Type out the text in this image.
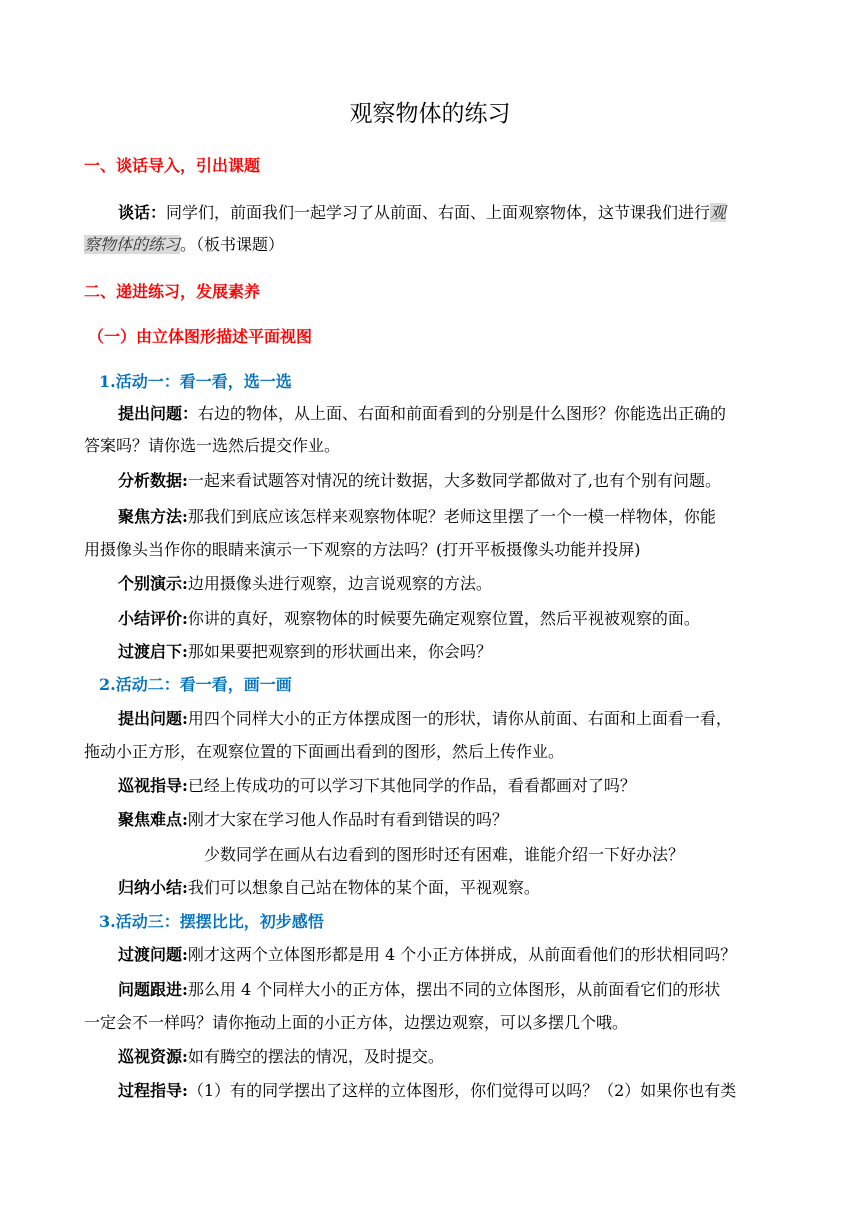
观察物体的练习
一、谈话导入，引出课题
谈话：同学们，前面我们一起学习了从前面、右面、上面观察物体，这节课我们进行观
察物体的练习。（板书课题）
二、递进练习，发展素养
（一）由立体图形描述平面视图
1.活动一：看一看，选一选
提出问题：右边的物体，从上面、右面和前面看到的分别是什么图形？你能选出正确的
答案吗？请你选一选然后提交作业。
分析数据:一起来看试题答对情况的统计数据，大多数同学都做对了,也有个别有问题。
聚焦方法:那我们到底应该怎样来观察物体呢？老师这里摆了一个一模一样物体，你能
用摄像头当作你的眼睛来演示一下观察的方法吗？(打开平板摄像头功能并投屏)
个别演示:边用摄像头进行观察，边言说观察的方法。
小结评价:你讲的真好，观察物体的时候要先确定观察位置，然后平视被观察的面。
过渡启下:那如果要把观察到的形状画出来，你会吗？
2.活动二：看一看，画一画
提出问题:用四个同样大小的正方体摆成图一的形状，请你从前面、右面和上面看一看，
拖动小正方形，在观察位置的下面画出看到的图形，然后上传作业。
巡视指导:已经上传成功的可以学习下其他同学的作品，看看都画对了吗？
聚焦难点:刚才大家在学习他人作品时有看到错误的吗？
少数同学在画从右边看到的图形时还有困难，谁能介绍一下好办法？
归纳小结:我们可以想象自己站在物体的某个面，平视观察。
3.活动三：摆摆比比，初步感悟
过渡问题:刚才这两个立体图形都是用 4 个小正方体拼成，从前面看他们的形状相同吗？
问题跟进:那么用 4 个同样大小的正方体，摆出不同的立体图形，从前面看它们的形状
一定会不一样吗？请你拖动上面的小正方体，边摆边观察，可以多摆几个哦。
巡视资源:如有腾空的摆法的情况，及时提交。
过程指导:（1）有的同学摆出了这样的立体图形，你们觉得可以吗？（2）如果你也有类
